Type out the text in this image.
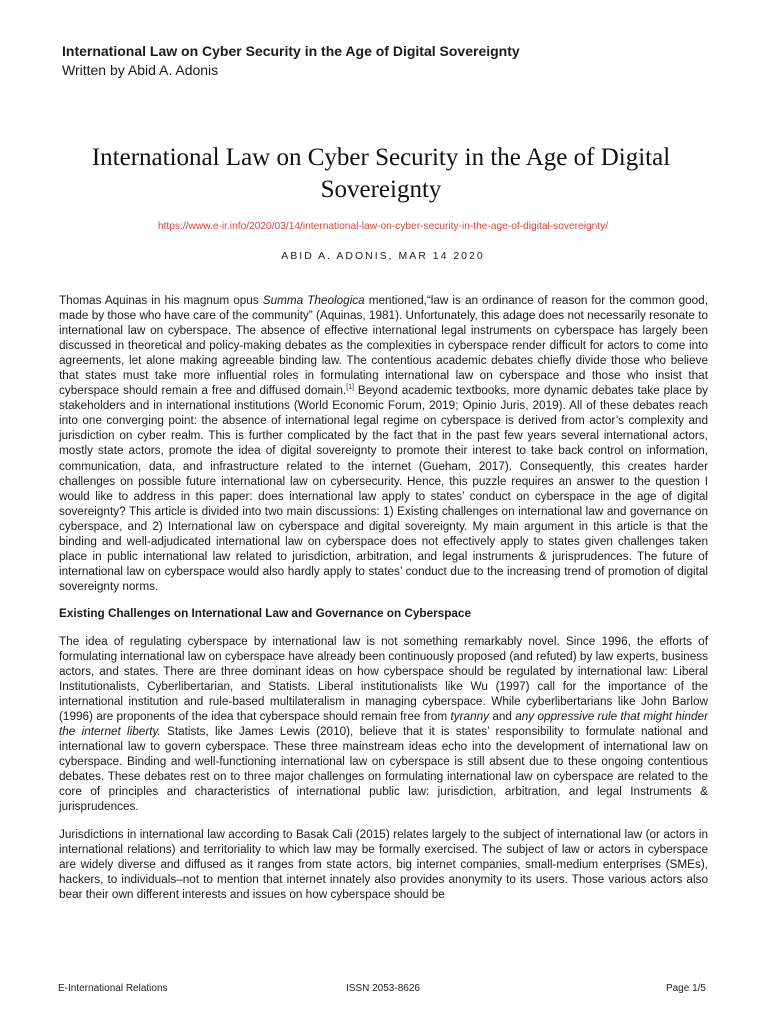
International Law on Cyber Security in the Age of Digital Sovereignty

Written by Abid A. Adonis

International Law on Cyber Security in the Age of Digital Sovereignty
https://www.e-ir.info/2020/03/14/international-law-on-cyber-security-in-the-age-of-digital-sovereignty/
ABID A. ADONIS, MAR 14 2020

Thomas Aquinas in his magnum opus Summa Theologica mentioned,“law is an ordinance of reason for the common good, made by those who have care of the community” (Aquinas, 1981). Unfortunately, this adage does not necessarily resonate to international law on cyberspace. The absence of effective international legal instruments on cyberspace has largely been discussed in theoretical and policy-making debates as the complexities in cyberspace render difficult for actors to come into agreements, let alone making agreeable binding law. The contentious academic debates chiefly divide those who believe that states must take more influential roles in formulating international law on cyberspace and those who insist that cyberspace should remain a free and diffused domain.[1] Beyond academic textbooks, more dynamic debates take place by stakeholders and in international institutions (World Economic Forum, 2019; Opinio Juris, 2019). All of these debates reach into one converging point: the absence of international legal regime on cyberspace is derived from actor’s complexity and jurisdiction on cyber realm. This is further complicated by the fact that in the past few years several international actors, mostly state actors, promote the idea of digital sovereignty to promote their interest to take back control on information, communication, data, and infrastructure related to the internet (Gueham, 2017). Consequently, this creates harder challenges on possible future international law on cybersecurity. Hence, this puzzle requires an answer to the question I would like to address in this paper: does international law apply to states’ conduct on cyberspace in the age of digital sovereignty? This article is divided into two main discussions: 1) Existing challenges on international law and governance on cyberspace, and 2) International law on cyberspace and digital sovereignty. My main argument in this article is that the binding and well-adjudicated international law on cyberspace does not effectively apply to states given challenges taken place in public international law related to jurisdiction, arbitration, and legal instruments & jurisprudences. The future of international law on cyberspace would also hardly apply to states’ conduct due to the increasing trend of promotion of digital sovereignty norms.

Existing Challenges on International Law and Governance on Cyberspace

The idea of regulating cyberspace by international law is not something remarkably novel. Since 1996, the efforts of formulating international law on cyberspace have already been continuously proposed (and refuted) by law experts, business actors, and states. There are three dominant ideas on how cyberspace should be regulated by international law: Liberal Institutionalists, Cyberlibertarian, and Statists. Liberal institutionalists like Wu (1997) call for the importance of the international institution and rule-based multilateralism in managing cyberspace. While cyberlibertarians like John Barlow (1996) are proponents of the idea that cyberspace should remain free from tyranny and any oppressive rule that might hinder the internet liberty. Statists, like James Lewis (2010), believe that it is states’ responsibility to formulate national and international law to govern cyberspace. These three mainstream ideas echo into the development of international law on cyberspace. Binding and well-functioning international law on cyberspace is still absent due to these ongoing contentious debates. These debates rest on to three major challenges on formulating international law on cyberspace are related to the core of principles and characteristics of international public law: jurisdiction, arbitration, and legal Instruments & jurisprudences.

Jurisdictions in international law according to Basak Cali (2015) relates largely to the subject of international law (or actors in international relations) and territoriality to which law may be formally exercised. The subject of law or actors in cyberspace are widely diverse and diffused as it ranges from state actors, big internet companies, small-medium enterprises (SMEs), hackers, to individuals–not to mention that internet innately also provides anonymity to its users. Those various actors also bear their own different interests and issues on how cyberspace should be

E-International Relations	ISSN 2053-8626	Page 1/5
